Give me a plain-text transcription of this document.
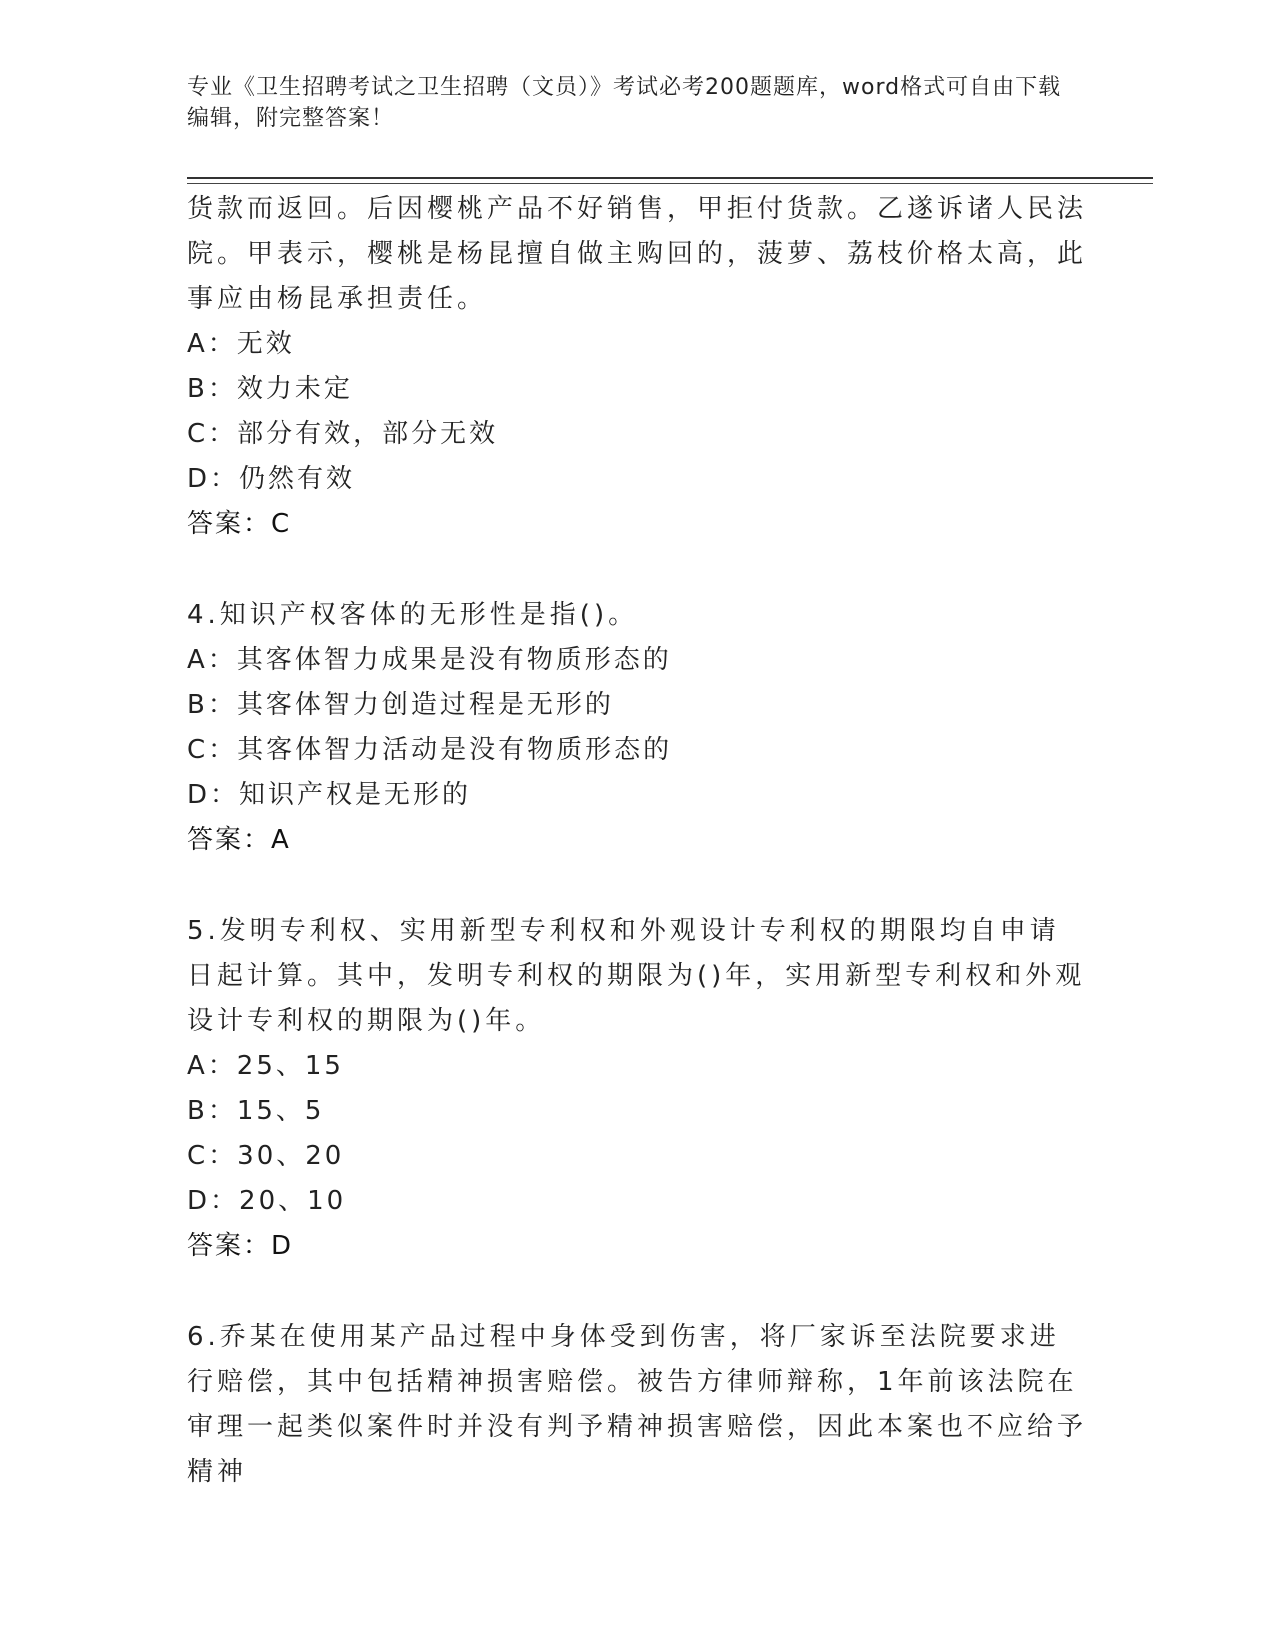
专业《卫生招聘考试之卫生招聘（文员）》考试必考200题题库，word格式可自由下载编辑，附完整答案！

货款而返回。后因樱桃产品不好销售，甲拒付货款。乙遂诉诸人民法院。甲表示，樱桃是杨昆擅自做主购回的，菠萝、荔枝价格太高，此事应由杨昆承担责任。

A：无效

B：效力未定

C：部分有效，部分无效

D：仍然有效

答案：C

4.知识产权客体的无形性是指()。

A：其客体智力成果是没有物质形态的

B：其客体智力创造过程是无形的

C：其客体智力活动是没有物质形态的

D：知识产权是无形的

答案：A

5.发明专利权、实用新型专利权和外观设计专利权的期限均自申请日起计算。其中，发明专利权的期限为()年，实用新型专利权和外观设计专利权的期限为()年。

A：25、15

B：15、5

C：30、20

D：20、10

答案：D

6.乔某在使用某产品过程中身体受到伤害，将厂家诉至法院要求进行赔偿，其中包括精神损害赔偿。被告方律师辩称，1年前该法院在审理一起类似案件时并没有判予精神损害赔偿，因此本案也不应给予精神
